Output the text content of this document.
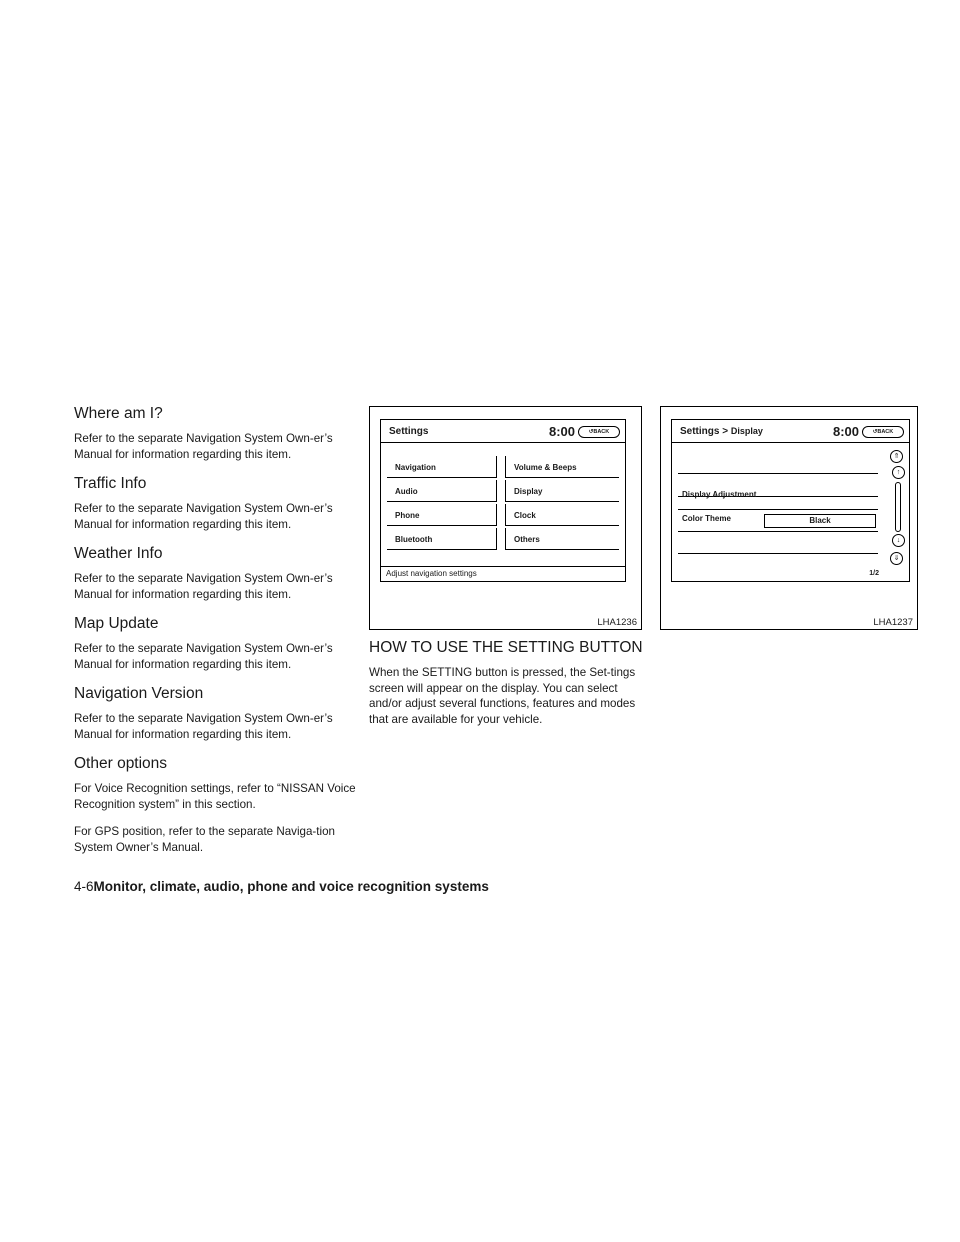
Where am I?
Refer to the separate Navigation System Own-er’s Manual for information regarding this item.
Traffic Info
Refer to the separate Navigation System Own-er’s Manual for information regarding this item.
Weather Info
Refer to the separate Navigation System Own-er’s Manual for information regarding this item.
Map Update
Refer to the separate Navigation System Own-er’s Manual for information regarding this item.
Navigation Version
Refer to the separate Navigation System Own-er’s Manual for information regarding this item.
Other options
For Voice Recognition settings, refer to “NISSAN Voice Recognition system” in this section.
For GPS position, refer to the separate Naviga-tion System Owner’s Manual.
Settings	8:00	↺BACK
Navigation
Audio
Phone
Bluetooth
Volume & Beeps
Display
Clock
Others
Adjust navigation settings
LHA1236
Settings > Display	8:00	↺BACK
Display Adjustment
Color Theme	Black
⇑
↑
↓
⇓
1/2
LHA1237
HOW TO USE THE SETTING BUTTON
When the SETTING button is pressed, the Set-tings screen will appear on the display. You can select and/or adjust several functions, features and modes that are available for your vehicle.
4-6Monitor, climate, audio, phone and voice recognition systems
